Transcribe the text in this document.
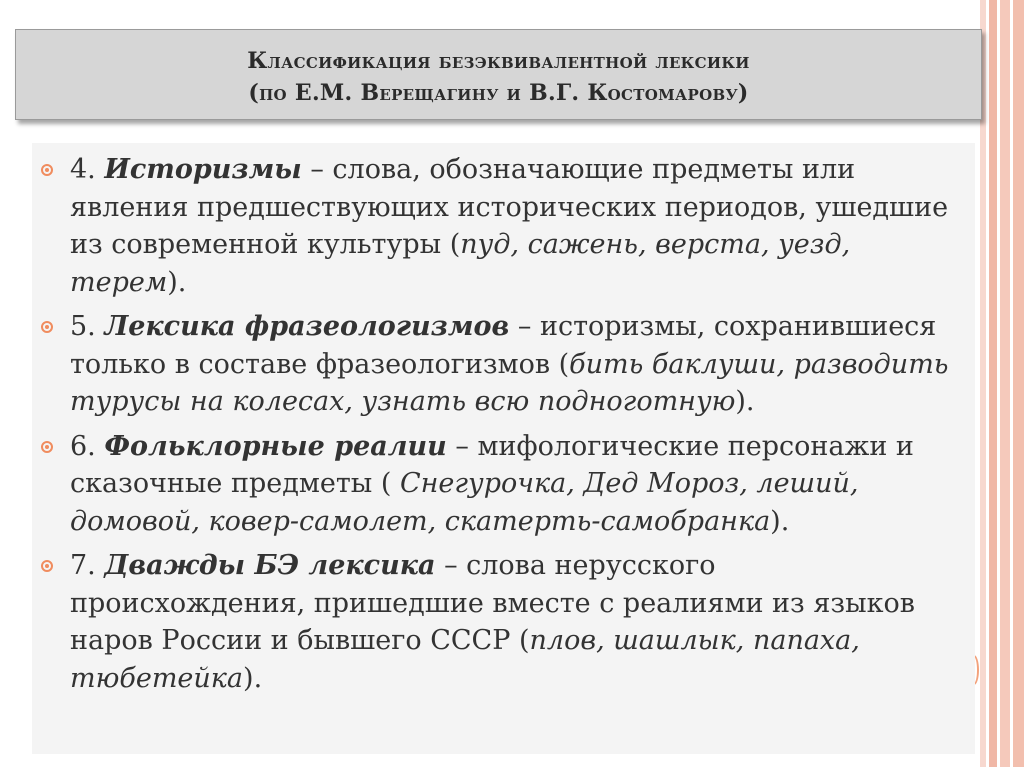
Классификация безэквивалентной лексики
(по Е.М. Верещагину и В.Г. Костомарову)
4. Историзмы – слова, обозначающие предметы или явления предшествующих исторических периодов, ушедшие из современной культуры (пуд, сажень, верста, уезд, терем).
5. Лексика фразеологизмов – историзмы, сохранившиеся только в составе фразеологизмов (бить баклуши, разводить турусы на колесах, узнать всю подноготную).
6. Фольклорные реалии – мифологические персонажи и сказочные предметы ( Снегурочка, Дед Мороз, леший, домовой, ковер-самолет, скатерть-самобранка).
7. Дважды БЭ лексика – слова нерусского происхождения, пришедшие вместе с реалиями из языков наров России и бывшего СССР (плов, шашлык, папаха, тюбетейка).
